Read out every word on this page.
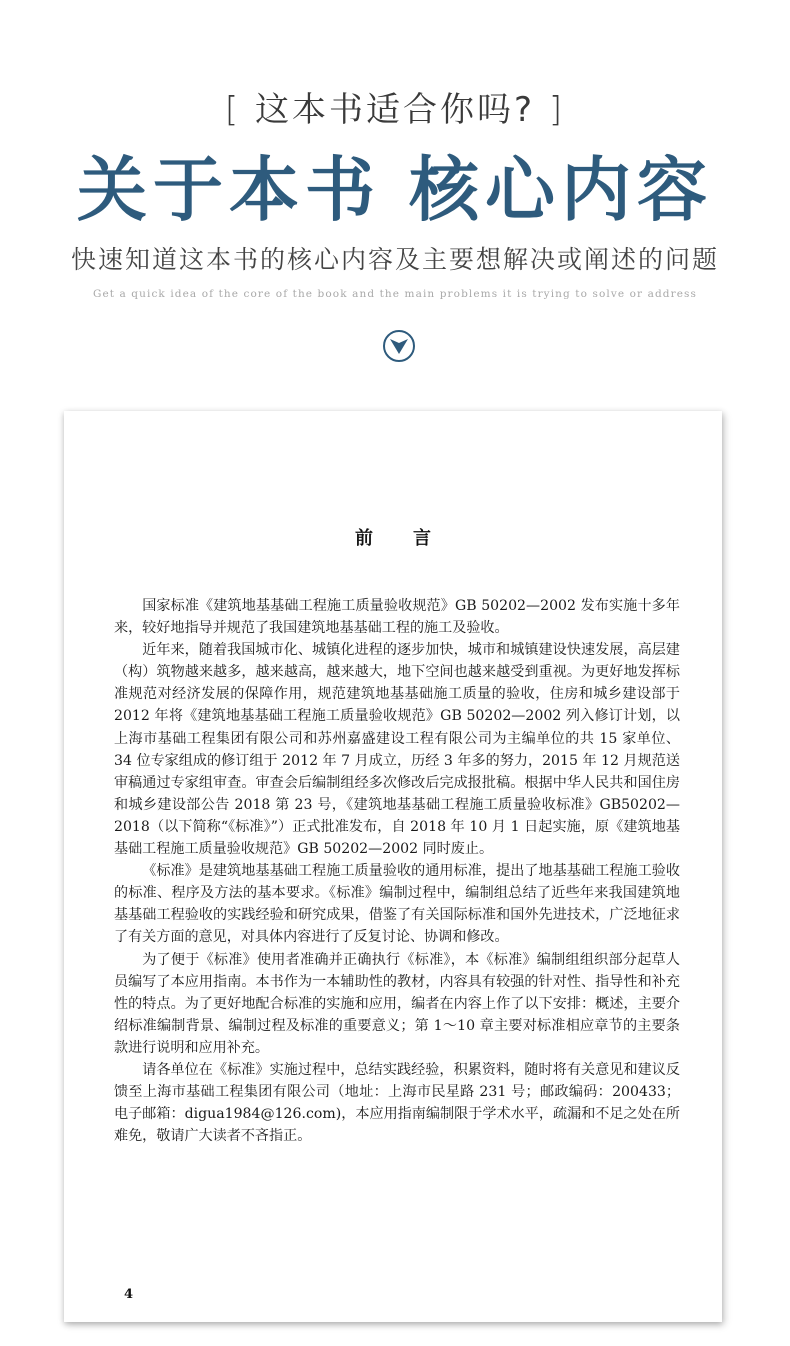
[ 这本书适合你吗? ]
关于本书 核心内容
快速知道这本书的核心内容及主要想解决或阐述的问题
Get a quick idea of the core of the book and the main problems it is trying to solve or address
前 言

国家标准《建筑地基基础工程施工质量验收规范》GB 50202—2002 发布实施十多年来，较好地指导并规范了我国建筑地基基础工程的施工及验收。

近年来，随着我国城市化、城镇化进程的逐步加快，城市和城镇建设快速发展，高层建（构）筑物越来越多，越来越高，越来越大，地下空间也越来越受到重视。为更好地发挥标准规范对经济发展的保障作用，规范建筑地基基础施工质量的验收，住房和城乡建设部于 2012 年将《建筑地基基础工程施工质量验收规范》GB 50202—2002 列入修订计划，以上海市基础工程集团有限公司和苏州嘉盛建设工程有限公司为主编单位的共 15 家单位、34 位专家组成的修订组于 2012 年 7 月成立，历经 3 年多的努力，2015 年 12 月规范送审稿通过专家组审查。审查会后编制组经多次修改后完成报批稿。根据中华人民共和国住房和城乡建设部公告 2018 第 23 号，《建筑地基基础工程施工质量验收标准》GB50202—2018（以下简称“《标准》”）正式批准发布，自 2018 年 10 月 1 日起实施，原《建筑地基基础工程施工质量验收规范》GB 50202—2002 同时废止。

《标准》是建筑地基基础工程施工质量验收的通用标准，提出了地基基础工程施工验收的标准、程序及方法的基本要求。《标准》编制过程中，编制组总结了近些年来我国建筑地基基础工程验收的实践经验和研究成果，借鉴了有关国际标准和国外先进技术，广泛地征求了有关方面的意见，对具体内容进行了反复讨论、协调和修改。

为了便于《标准》使用者准确并正确执行《标准》，本《标准》编制组组织部分起草人员编写了本应用指南。本书作为一本辅助性的教材，内容具有较强的针对性、指导性和补充性的特点。为了更好地配合标准的实施和应用，编者在内容上作了以下安排：概述，主要介绍标准编制背景、编制过程及标准的重要意义；第 1～10 章主要对标准相应章节的主要条款进行说明和应用补充。

请各单位在《标准》实施过程中，总结实践经验，积累资料，随时将有关意见和建议反馈至上海市基础工程集团有限公司（地址：上海市民星路 231 号；邮政编码：200433；电子邮箱：digua1984@126.com)，本应用指南编制限于学术水平，疏漏和不足之处在所难免，敬请广大读者不吝指正。

4
